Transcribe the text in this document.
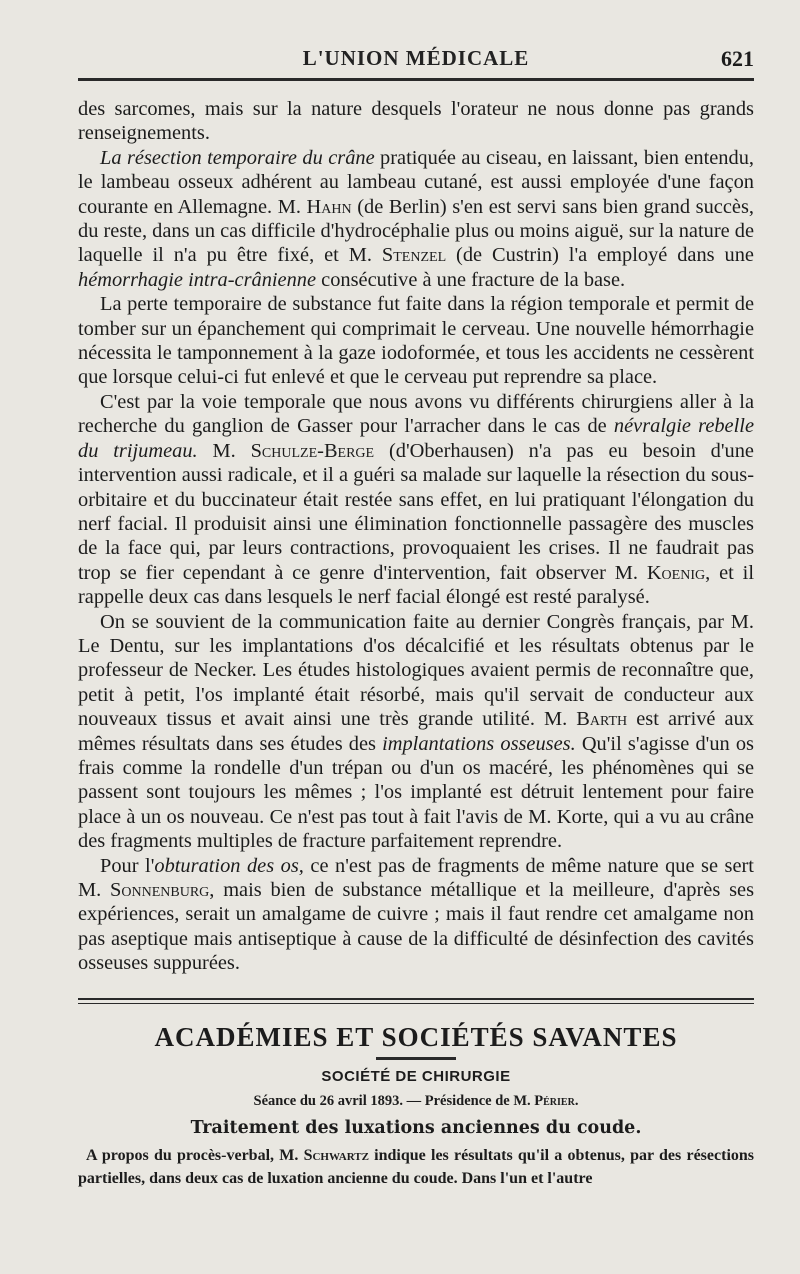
L'UNION MÉDICALE	621

des sarcomes, mais sur la nature desquels l'orateur ne nous donne pas grands renseignements.

La résection temporaire du crâne pratiquée au ciseau, en laissant, bien entendu, le lambeau osseux adhérent au lambeau cutané, est aussi employée d'une façon courante en Allemagne. M. Hahn (de Berlin) s'en est servi sans bien grand succès, du reste, dans un cas difficile d'hydrocéphalie plus ou moins aiguë, sur la nature de laquelle il n'a pu être fixé, et M. Stenzel (de Custrin) l'a employé dans une hémorrhagie intra-crânienne consécutive à une fracture de la base.

La perte temporaire de substance fut faite dans la région temporale et permit de tomber sur un épanchement qui comprimait le cerveau. Une nouvelle hémorrhagie nécessita le tamponnement à la gaze iodoformée, et tous les accidents ne cessèrent que lorsque celui-ci fut enlevé et que le cerveau put reprendre sa place.

C'est par la voie temporale que nous avons vu différents chirurgiens aller à la recherche du ganglion de Gasser pour l'arracher dans le cas de névralgie rebelle du trijumeau. M. Schulze-Berge (d'Oberhausen) n'a pas eu besoin d'une intervention aussi radicale, et il a guéri sa malade sur laquelle la résection du sous-orbitaire et du buccinateur était restée sans effet, en lui pratiquant l'élongation du nerf facial. Il produisit ainsi une élimination fonctionnelle passagère des muscles de la face qui, par leurs contractions, provoquaient les crises. Il ne faudrait pas trop se fier cependant à ce genre d'intervention, fait observer M. Koenig, et il rappelle deux cas dans lesquels le nerf facial élongé est resté paralysé.

On se souvient de la communication faite au dernier Congrès français, par M. Le Dentu, sur les implantations d'os décalcifié et les résultats obtenus par le professeur de Necker. Les études histologiques avaient permis de reconnaître que, petit à petit, l'os implanté était résorbé, mais qu'il servait de conducteur aux nouveaux tissus et avait ainsi une très grande utilité. M. Barth est arrivé aux mêmes résultats dans ses études des implantations osseuses. Qu'il s'agisse d'un os frais comme la rondelle d'un trépan ou d'un os macéré, les phénomènes qui se passent sont toujours les mêmes ; l'os implanté est détruit lentement pour faire place à un os nouveau. Ce n'est pas tout à fait l'avis de M. Korte, qui a vu au crâne des fragments multiples de fracture parfaitement reprendre.

Pour l'obturation des os, ce n'est pas de fragments de même nature que se sert M. Sonnenburg, mais bien de substance métallique et la meilleure, d'après ses expériences, serait un amalgame de cuivre ; mais il faut rendre cet amalgame non pas aseptique mais antiseptique à cause de la difficulté de désinfection des cavités osseuses suppurées.

ACADÉMIES ET SOCIÉTÉS SAVANTES
SOCIÉTÉ DE CHIRURGIE
Séance du 26 avril 1893. — Présidence de M. Périer.
Traitement des luxations anciennes du coude.

A propos du procès-verbal, M. Schwartz indique les résultats qu'il a obtenus, par des résections partielles, dans deux cas de luxation ancienne du coude. Dans l'un et l'autre
